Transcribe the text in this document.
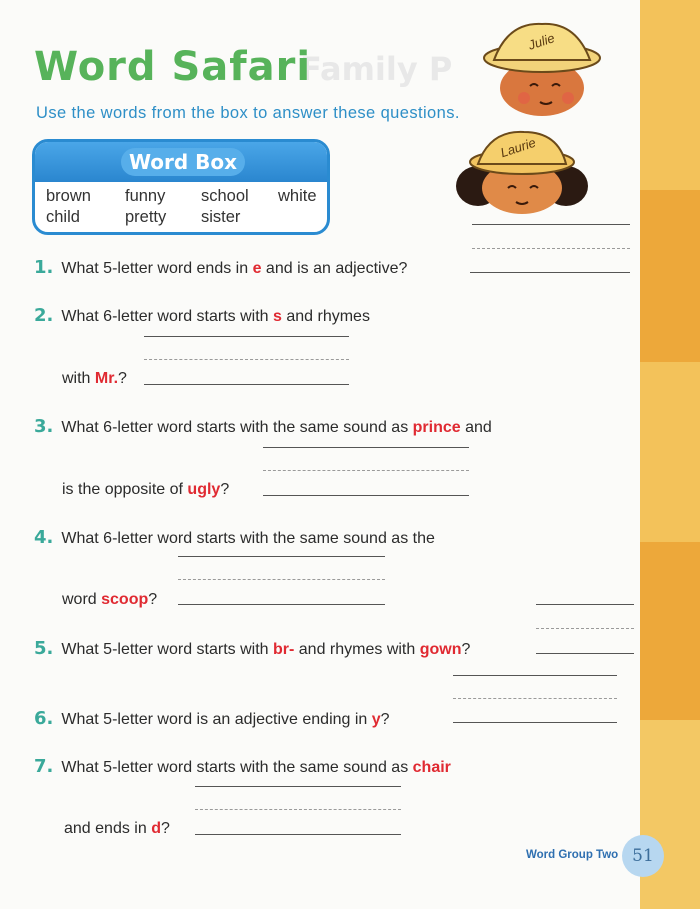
Family P
Word Safari
Use the words from the box to answer these questions.
Julie
Laurie
Word Box
brown funny school white
child	pretty sister
1. What 5-letter word ends in e and is an adjective?
2. What 6-letter word starts with s and rhymes
with Mr.?
3. What 6-letter word starts with the same sound as prince and
is the opposite of ugly?
4. What 6-letter word starts with the same sound as the
word scoop?
5. What 5-letter word starts with br- and rhymes with gown?
6. What 5-letter word is an adjective ending in y?
7. What 5-letter word starts with the same sound as chair
and ends in d?
Word Group Two 51
